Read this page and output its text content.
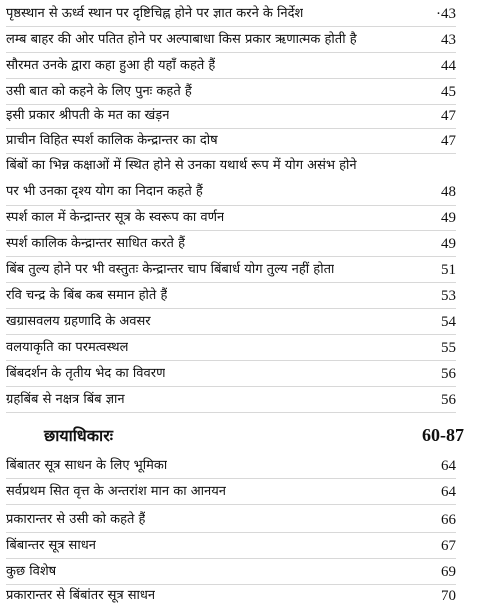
पृष्ठस्थान से ऊर्ध्व स्थान पर दृष्टिचिह्न होने पर ज्ञात करने के निर्देश	·43
लम्ब बाहर की ओर पतित होने पर अल्पाबाधा किस प्रकार ऋणात्मक होती है	43
सौरमत उनके द्वारा कहा हुआ ही यहाँ कहते हैं	44
उसी बात को कहने के लिए पुनः कहते हैं	45
इसी प्रकार श्रीपती के मत का खंड़न	47
प्राचीन विहित स्पर्श कालिक केन्द्रान्तर का दोष	47
बिंबों का भिन्न कक्षाओं में स्थित होने से उनका यथार्थ रूप में योग असंभ होने
पर भी उनका दृश्य योग का निदान कहते हैं	48
स्पर्श काल में केन्द्रान्तर सूत्र के स्वरूप का वर्णन	49
स्पर्श कालिक केन्द्रान्तर साधित करते हैं	49
बिंब तुल्य होने पर भी वस्तुतः केन्द्रान्तर चाप बिंबार्ध योग तुल्य नहीं होता	51
रवि चन्द्र के बिंब कब समान होते हैं	53
खग्रासवलय ग्रहणादि के अवसर	54
वलयाकृति का परमत्वस्थल	55
बिंबदर्शन के तृतीय भेद का विवरण	56
ग्रहबिंब से नक्षत्र बिंब ज्ञान	56
छायाधिकारः	60-87
बिंबातर सूत्र साधन के लिए भूमिका	64
सर्वप्रथम सित वृत्त के अन्तरांश मान का आनयन	64
प्रकारान्तर से उसी को कहते हैं	66
बिंबान्तर सूत्र साधन	67
कुछ विशेष	69
प्रकारान्तर से बिंबांतर सूत्र साधन	70
